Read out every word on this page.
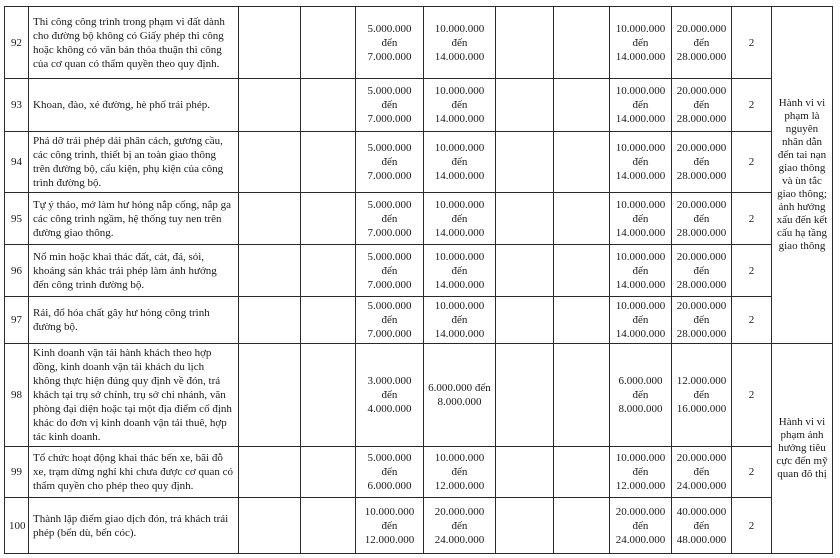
92	Thi công công trình trong phạm vi đất dành cho đường bộ không có Giấy phép thi công hoặc không có văn bản thỏa thuận thi công của cơ quan có thẩm quyền theo quy định.			5.000.000 đến 7.000.000	10.000.000 đến 14.000.000			10.000.000 đến 14.000.000	20.000.000 đến 28.000.000	2	Hành vi vi phạm là nguyên nhân dẫn đến tai nạn giao thông và ùn tắc giao thông; ảnh hưởng xấu đến kết cấu hạ tầng giao thông
93	Khoan, đào, xẻ đường, hè phố trái phép.			5.000.000 đến 7.000.000	10.000.000 đến 14.000.000			10.000.000 đến 14.000.000	20.000.000 đến 28.000.000	2	
94	Phá dỡ trái phép dải phân cách, gương cầu, các công trình, thiết bị an toàn giao thông trên đường bộ, cấu kiện, phụ kiện của công trình đường bộ.			5.000.000 đến 7.000.000	10.000.000 đến 14.000.000			10.000.000 đến 14.000.000	20.000.000 đến 28.000.000	2	
95	Tự ý tháo, mở làm hư hỏng nắp cống, nắp ga các công trình ngầm, hệ thống tuy nen trên đường giao thông.			5.000.000 đến 7.000.000	10.000.000 đến 14.000.000			10.000.000 đến 14.000.000	20.000.000 đến 28.000.000	2	
96	Nổ mìn hoặc khai thác đất, cát, đá, sỏi, khoáng sản khác trái phép làm ảnh hưởng đến công trình đường bộ.			5.000.000 đến 7.000.000	10.000.000 đến 14.000.000			10.000.000 đến 14.000.000	20.000.000 đến 28.000.000	2	
97	Rải, đổ hóa chất gây hư hỏng công trình đường bộ.			5.000.000 đến 7.000.000	10.000.000 đến 14.000.000			10.000.000 đến 14.000.000	20.000.000 đến 28.000.000	2	
98	Kinh doanh vận tải hành khách theo hợp đồng, kinh doanh vận tải khách du lịch không thực hiện đúng quy định về đón, trả khách tại trụ sở chính, trụ sở chi nhánh, văn phòng đại diện hoặc tại một địa điểm cố định khác do đơn vị kinh doanh vận tải thuê, hợp tác kinh doanh.			3.000.000 đến 4.000.000	6.000.000 đến 8.000.000			6.000.000 đến 8.000.000	12.000.000 đến 16.000.000	2	Hành vi vi phạm ảnh hưởng tiêu cực đến mỹ quan đô thị
99	Tổ chức hoạt động khai thác bến xe, bãi đỗ xe, trạm dừng nghỉ khi chưa được cơ quan có thẩm quyền cho phép theo quy định.			5.000.000 đến 6.000.000	10.000.000 đến 12.000.000			10.000.000 đến 12.000.000	20.000.000 đến 24.000.000	2	
100	Thành lập điểm giao dịch đón, trả khách trái phép (bến dù, bến cóc).			10.000.000 đến 12.000.000	20.000.000 đến 24.000.000			20.000.000 đến 24.000.000	40.000.000 đến 48.000.000	2	
